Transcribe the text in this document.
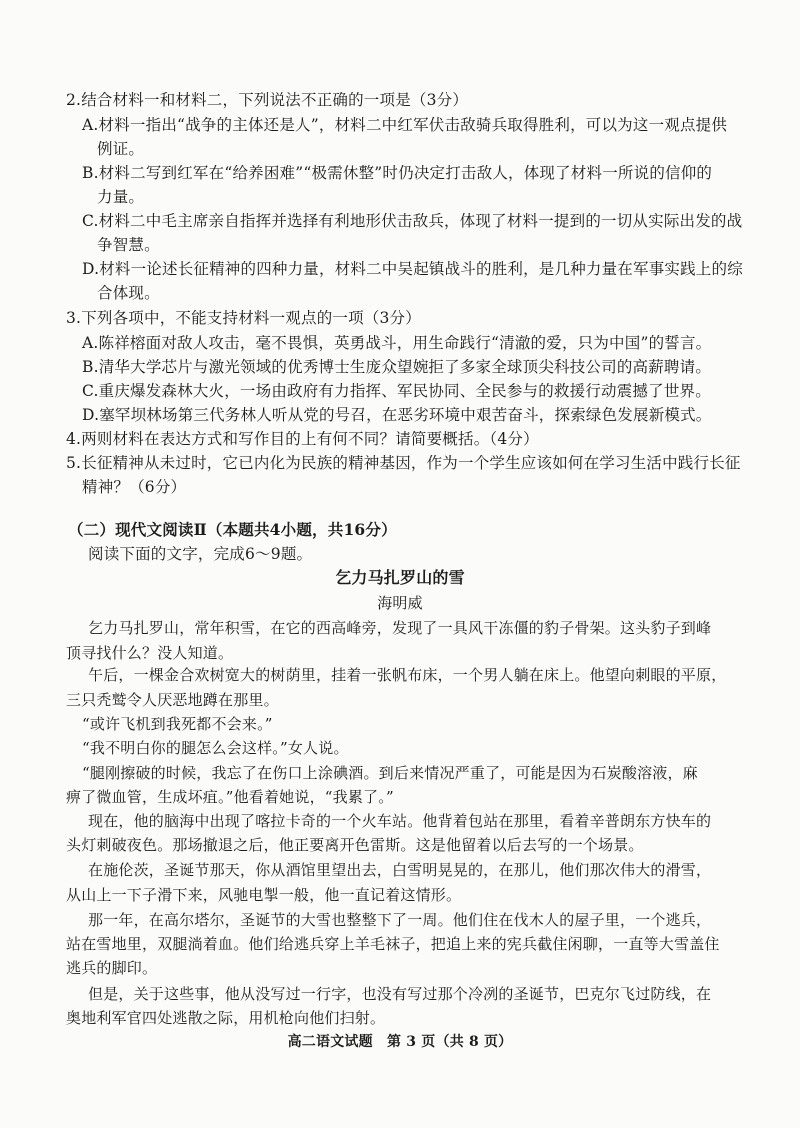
2.结合材料一和材料二，下列说法不正确的一项是（3分）
A.材料一指出“战争的主体还是人”，材料二中红军伏击敌骑兵取得胜利，可以为这一观点提供
例证。
B.材料二写到红军在“给养困难”“极需休整”时仍决定打击敌人，体现了材料一所说的信仰的
力量。
C.材料二中毛主席亲自指挥并选择有利地形伏击敌兵，体现了材料一提到的一切从实际出发的战
争智慧。
D.材料一论述长征精神的四种力量，材料二中吴起镇战斗的胜利，是几种力量在军事实践上的综
合体现。
3.下列各项中，不能支持材料一观点的一项（3分）
A.陈祥榕面对敌人攻击，毫不畏惧，英勇战斗，用生命践行“清澈的爱，只为中国”的誓言。
B.清华大学芯片与激光领域的优秀博士生庞众望婉拒了多家全球顶尖科技公司的高薪聘请。
C.重庆爆发森林大火，一场由政府有力指挥、军民协同、全民参与的救援行动震撼了世界。
D.塞罕坝林场第三代务林人听从党的号召，在恶劣环境中艰苦奋斗，探索绿色发展新模式。
4.两则材料在表达方式和写作目的上有何不同？请简要概括。（4分）
5.长征精神从未过时，它已内化为民族的精神基因，作为一个学生应该如何在学习生活中践行长征
精神？（6分）
（二）现代文阅读Ⅱ（本题共4小题，共16分）
阅读下面的文字，完成6～9题。
乞力马扎罗山的雪
海明威
乞力马扎罗山，常年积雪，在它的西高峰旁，发现了一具风干冻僵的豹子骨架。这头豹子到峰
顶寻找什么？没人知道。
午后，一棵金合欢树宽大的树荫里，挂着一张帆布床，一个男人躺在床上。他望向刺眼的平原，
三只秃鹫令人厌恶地蹲在那里。
“或许飞机到我死都不会来。”
“我不明白你的腿怎么会这样。”女人说。
“腿刚擦破的时候，我忘了在伤口上涂碘酒。到后来情况严重了，可能是因为石炭酸溶液，麻
痹了微血管，生成坏疽。”他看着她说，“我累了。”
现在，他的脑海中出现了喀拉卡奇的一个火车站。他背着包站在那里，看着辛普朗东方快车的
头灯刺破夜色。那场撤退之后，他正要离开色雷斯。这是他留着以后去写的一个场景。
在施伦茨，圣诞节那天，你从酒馆里望出去，白雪明晃晃的，在那儿，他们那次伟大的滑雪，
从山上一下子滑下来，风驰电掣一般，他一直记着这情形。
那一年，在高尔塔尔，圣诞节的大雪也整整下了一周。他们住在伐木人的屋子里，一个逃兵，
站在雪地里，双腿淌着血。他们给逃兵穿上羊毛袜子，把追上来的宪兵截住闲聊，一直等大雪盖住
逃兵的脚印。
但是，关于这些事，他从没写过一行字，也没有写过那个冷冽的圣诞节，巴克尔飞过防线，在
奥地利军官四处逃散之际，用机枪向他们扫射。
高二语文试题　第 3 页（共 8 页）
